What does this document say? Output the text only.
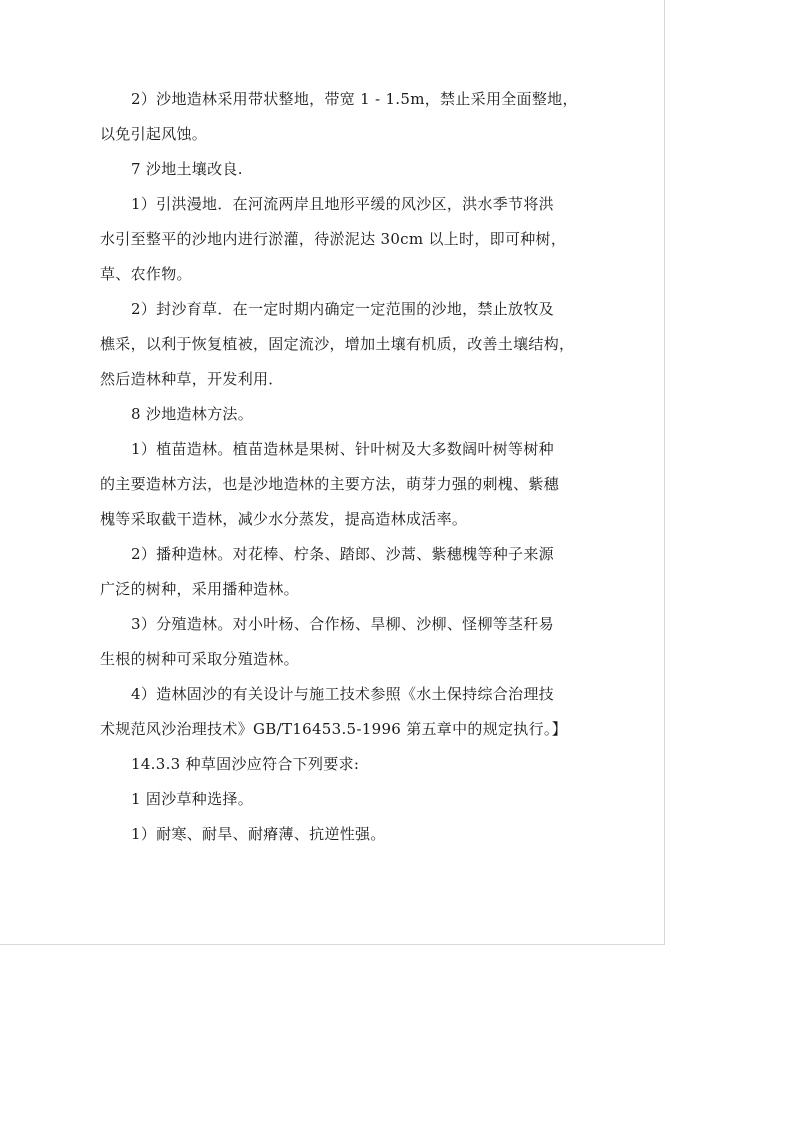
2）沙地造林采用带状整地，带宽 1 - 1.5m，禁止采用全面整地，
以免引起风蚀。
7 沙地土壤改良.
1）引洪漫地．在河流两岸且地形平缓的风沙区，洪水季节将洪
水引至整平的沙地内进行淤灌，待淤泥达 30cm 以上时，即可种树，
草、农作物。
2）封沙育草．在一定时期内确定一定范围的沙地，禁止放牧及
樵采，以利于恢复植被，固定流沙，增加土壤有机质，改善土壤结构，
然后造林种草，开发利用．
8 沙地造林方法。
1）植苗造林。植苗造林是果树、针叶树及大多数阔叶树等树种
的主要造林方法，也是沙地造林的主要方法，萌芽力强的刺槐、紫穗
槐等采取截干造林，减少水分蒸发，提高造林成活率。
2）播种造林。对花棒、柠条、踏郎、沙蒿、紫穗槐等种子来源
广泛的树种，采用播种造林。
3）分殖造林。对小叶杨、合作杨、旱柳、沙柳、怪柳等茎秆易
生根的树种可采取分殖造林。
4）造林固沙的有关设计与施工技术参照《水土保持综合治理技
术规范风沙治理技术》GB/T16453.5-1996 第五章中的规定执行。】
14.3.3 种草固沙应符合下列要求:
1 固沙草种选择。
1）耐寒、耐旱、耐瘠薄、抗逆性强。
